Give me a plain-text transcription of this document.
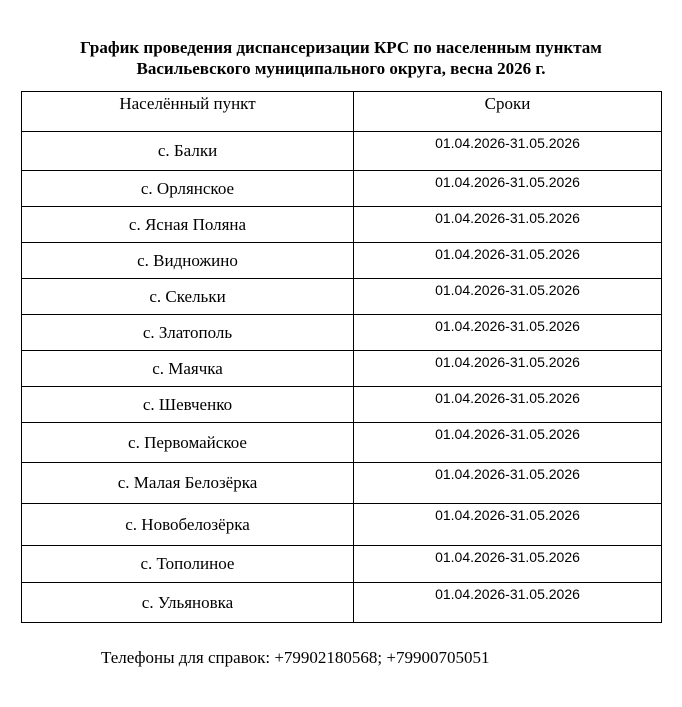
График проведения диспансеризации КРС по населенным пунктам
Васильевского муниципального округа, весна 2026 г.
Населённый пункт	Сроки
с. Балки	01.04.2026-31.05.2026
с. Орлянское	01.04.2026-31.05.2026
с. Ясная Поляна	01.04.2026-31.05.2026
с. Видножино	01.04.2026-31.05.2026
с. Скельки	01.04.2026-31.05.2026
с. Златополь	01.04.2026-31.05.2026
с. Маячка	01.04.2026-31.05.2026
с. Шевченко	01.04.2026-31.05.2026
с. Первомайское	01.04.2026-31.05.2026
с. Малая Белозёрка	01.04.2026-31.05.2026
с. Новобелозёрка	01.04.2026-31.05.2026
с. Тополиное	01.04.2026-31.05.2026
с. Ульяновка	01.04.2026-31.05.2026
Телефоны для справок: +79902180568; +79900705051
